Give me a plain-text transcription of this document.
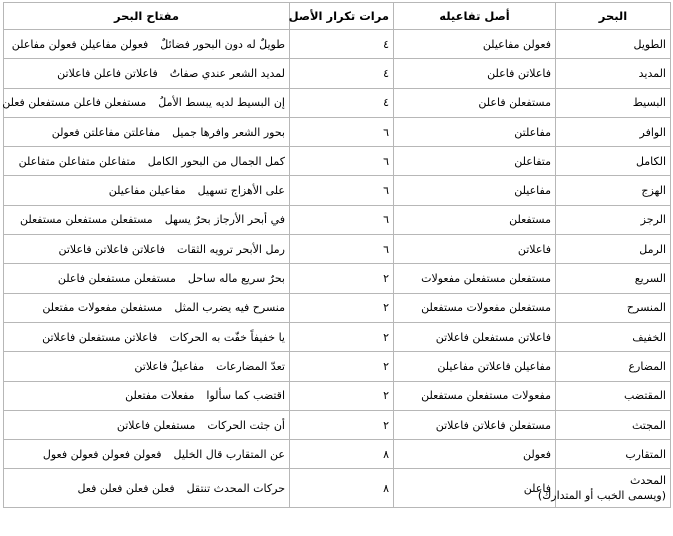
البحر	أصل تفاعيله	مرات تكرار الأصل	مفتاح البحر

الطويل	فعولن مفاعيلن	٤	طويلٌ له دون البحور فضائلٌفعولن مفاعيلن فعولن مفاعلن

المديد	فاعلاتن فاعلن	٤	لمديد الشعر عندي صفاتُفاعلاتن فاعلن فاعلاتن

البسيط	مستفعلن فاعلن	٤	إن البسيط لديه يبسط الأملُمستفعلن فاعلن مستفعلن فعلن

الوافر	مفاعلتن	٦	بحور الشعر وافرها جميلمفاعلتن مفاعلتن فعولن

الكامل	متفاعلن	٦	كمل الجمال من البحور الكاملمتفاعلن متفاعلن متفاعلن

الهزج	مفاعيلن	٦	على الأهزاج تسهيلمفاعيلن مفاعيلن

الرجز	مستفعلن	٦	في أبحر الأرجاز بحرٌ يسهلمستفعلن مستفعلن مستفعلن

الرمل	فاعلاتن	٦	رمل الأبحر ترويه الثقاتفاعلاتن فاعلاتن فاعلاتن

السريع	مستفعلن مستفعلن مفعولات	٢	بحرٌ سريع ماله ساحلمستفعلن مستفعلن فاعلن

المنسرح	مستفعلن مفعولات مستفعلن	٢	منسرح فيه يضرب المثلمستفعلن مفعولات مفتعلن

الخفيف	فاعلاتن مستفعلن فاعلاتن	٢	يا خفيفاً خفّت به الحركاتفاعلاتن مستفعلن فاعلاتن

المضارع	مفاعيلن فاعلاتن مفاعيلن	٢	تعدّ المضارعاتمفاعيلُ فاعلاتن

المقتضب	مفعولات مستفعلن مستفعلن	٢	اقتضب كما سألوامفعلات مفتعلن

المجتث	مستفعلن فاعلاتن فاعلاتن	٢	أن جثت الحركاتمستفعلن فاعلاتن

المتقارب	فعولن	٨	عن المتقارب قال الخليلفعولن فعولن فعولن فعول

المحدث
(ويسمى الخبب أو المتدارك)	فاعلن	٨	حركات المحدث تنتقلفعلن فعلن فعلن فعل
